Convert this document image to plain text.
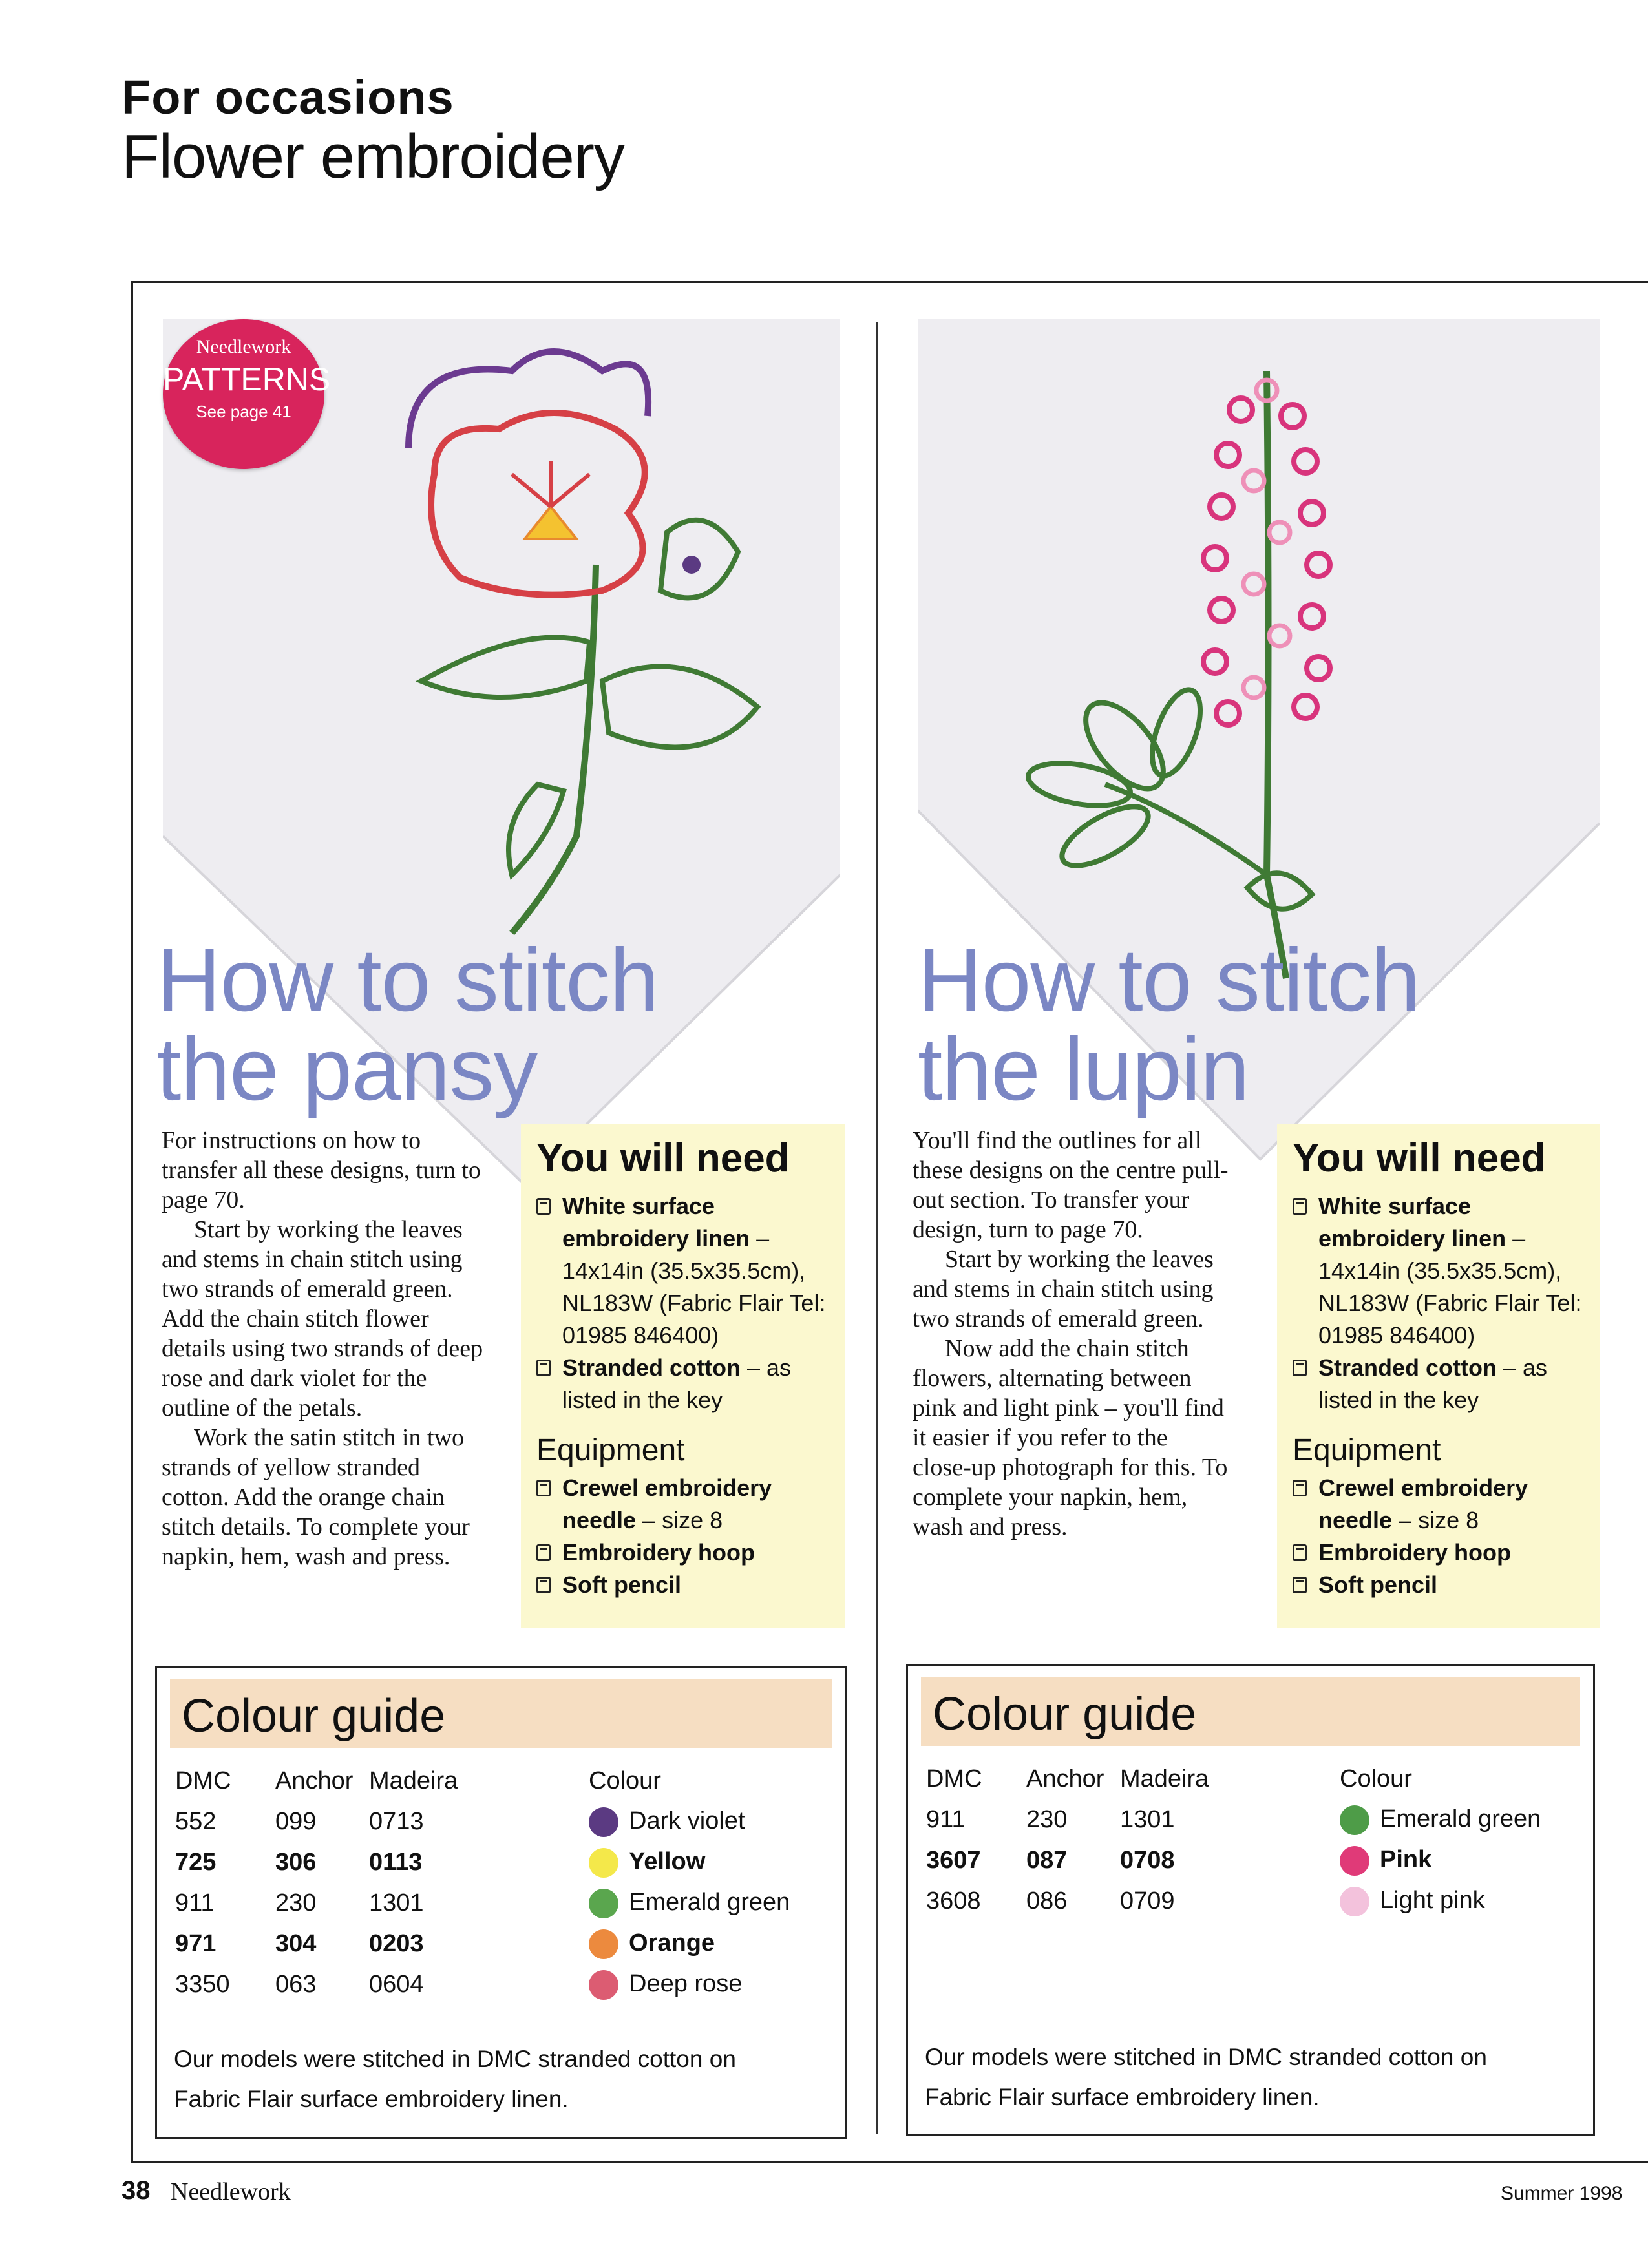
For occasions
Flower embroidery
Needlework
PATTERNS
See page 41
How to stitch
the pansy
How to stitch
the lupin

For instructions on how to transfer all these designs, turn to page 70.

Start by working the leaves and stems in chain stitch using two strands of emerald green. Add the chain stitch flower details using two strands of deep rose and dark violet for the outline of the petals.

Work the satin stitch in two strands of yellow stranded cotton. Add the orange chain stitch details. To complete your napkin, hem, wash and press.

You'll find the outlines for all these designs on the centre pull-out section. To transfer your design, turn to page 70.

Start by working the leaves and stems in chain stitch using two strands of emerald green.

Now add the chain stitch flowers, alternating between pink and light pink – you'll find it easier if you refer to the close-up photograph for this. To complete your napkin, hem, wash and press.

You will need
White surface embroidery linen – 14x14in (35.5x35.5cm), NL183W (Fabric Flair Tel: 01985 846400)
Stranded cotton – as listed in the key
Equipment
Crewel embroidery needle – size 8
Embroidery hoop
Soft pencil
You will need
White surface embroidery linen – 14x14in (35.5x35.5cm), NL183W (Fabric Flair Tel: 01985 846400)
Stranded cotton – as listed in the key
Equipment
Crewel embroidery needle – size 8
Embroidery hoop
Soft pencil
Colour guide
DMC	Anchor	Madeira	Colour
552	099	0713	Dark violet
725	306	0113	Yellow
911	230	1301	Emerald green
971	304	0203	Orange
3350	063	0604	Deep rose
Our models were stitched in DMC stranded cotton on
Fabric Flair surface embroidery linen.
Colour guide
DMC	Anchor	Madeira	Colour
911	230	1301	Emerald green
3607	087	0708	Pink
3608	086	0709	Light pink
Our models were stitched in DMC stranded cotton on
Fabric Flair surface embroidery linen.
38 Needlework	Summer 1998
